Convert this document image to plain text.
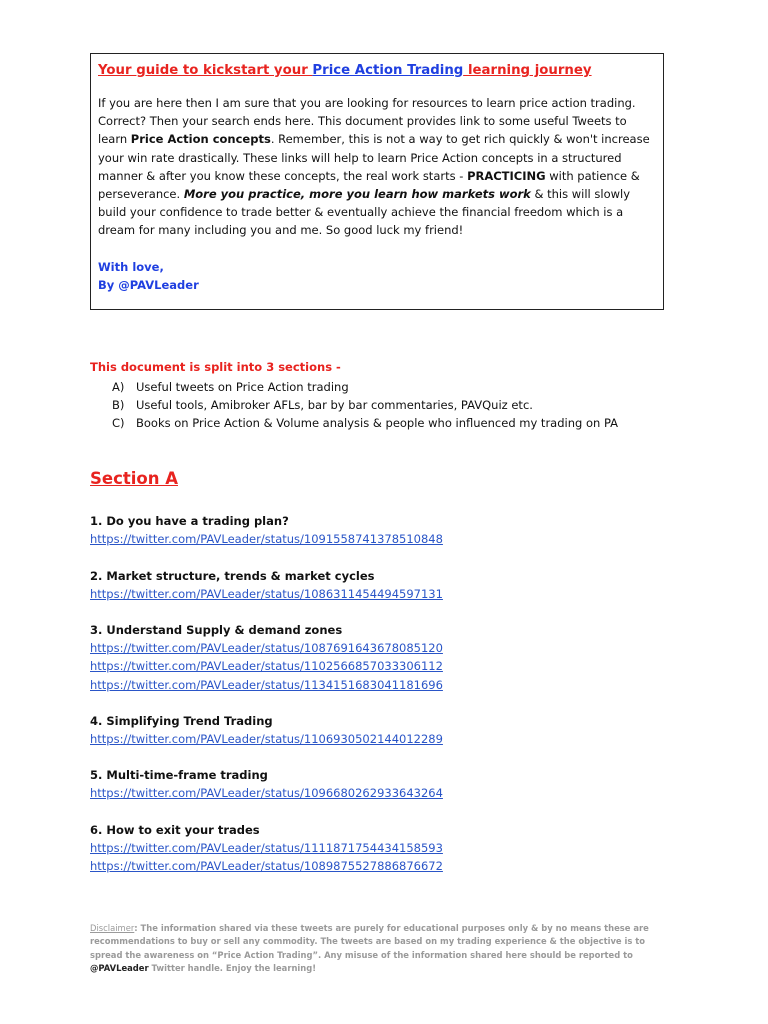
Your guide to kickstart your Price Action Trading learning journey

If you are here then I am sure that you are looking for resources to learn price action trading. Correct? Then your search ends here. This document provides link to some useful Tweets to learn Price Action concepts. Remember, this is not a way to get rich quickly & won't increase your win rate drastically. These links will help to learn Price Action concepts in a structured manner & after you know these concepts, the real work starts - PRACTICING with patience & perseverance. More you practice, more you learn how markets work & this will slowly build your confidence to trade better & eventually achieve the financial freedom which is a dream for many including you and me. So good luck my friend!

With love,
By @PAVLeader
This document is split into 3 sections -
A)	Useful tweets on Price Action trading
B)	Useful tools, Amibroker AFLs, bar by bar commentaries, PAVQuiz etc.
C) Books on Price Action & Volume analysis & people who influenced my trading on PA
Section A
1. Do you have a trading plan?
https://twitter.com/PAVLeader/status/1091558741378510848
2. Market structure, trends & market cycles
https://twitter.com/PAVLeader/status/1086311454494597131
3. Understand Supply & demand zones
https://twitter.com/PAVLeader/status/1087691643678085120
https://twitter.com/PAVLeader/status/1102566857033306112
https://twitter.com/PAVLeader/status/1134151683041181696
4. Simplifying Trend Trading
https://twitter.com/PAVLeader/status/1106930502144012289
5. Multi-time-frame trading
https://twitter.com/PAVLeader/status/1096680262933643264
6. How to exit your trades
https://twitter.com/PAVLeader/status/1111871754434158593
https://twitter.com/PAVLeader/status/1089875527886876672
Disclaimer: The information shared via these tweets are purely for educational purposes only & by no means these are recommendations to buy or sell any commodity. The tweets are based on my trading experience & the objective is to spread the awareness on “Price Action Trading”. Any misuse of the information shared here should be reported to @PAVLeader Twitter handle. Enjoy the learning!
